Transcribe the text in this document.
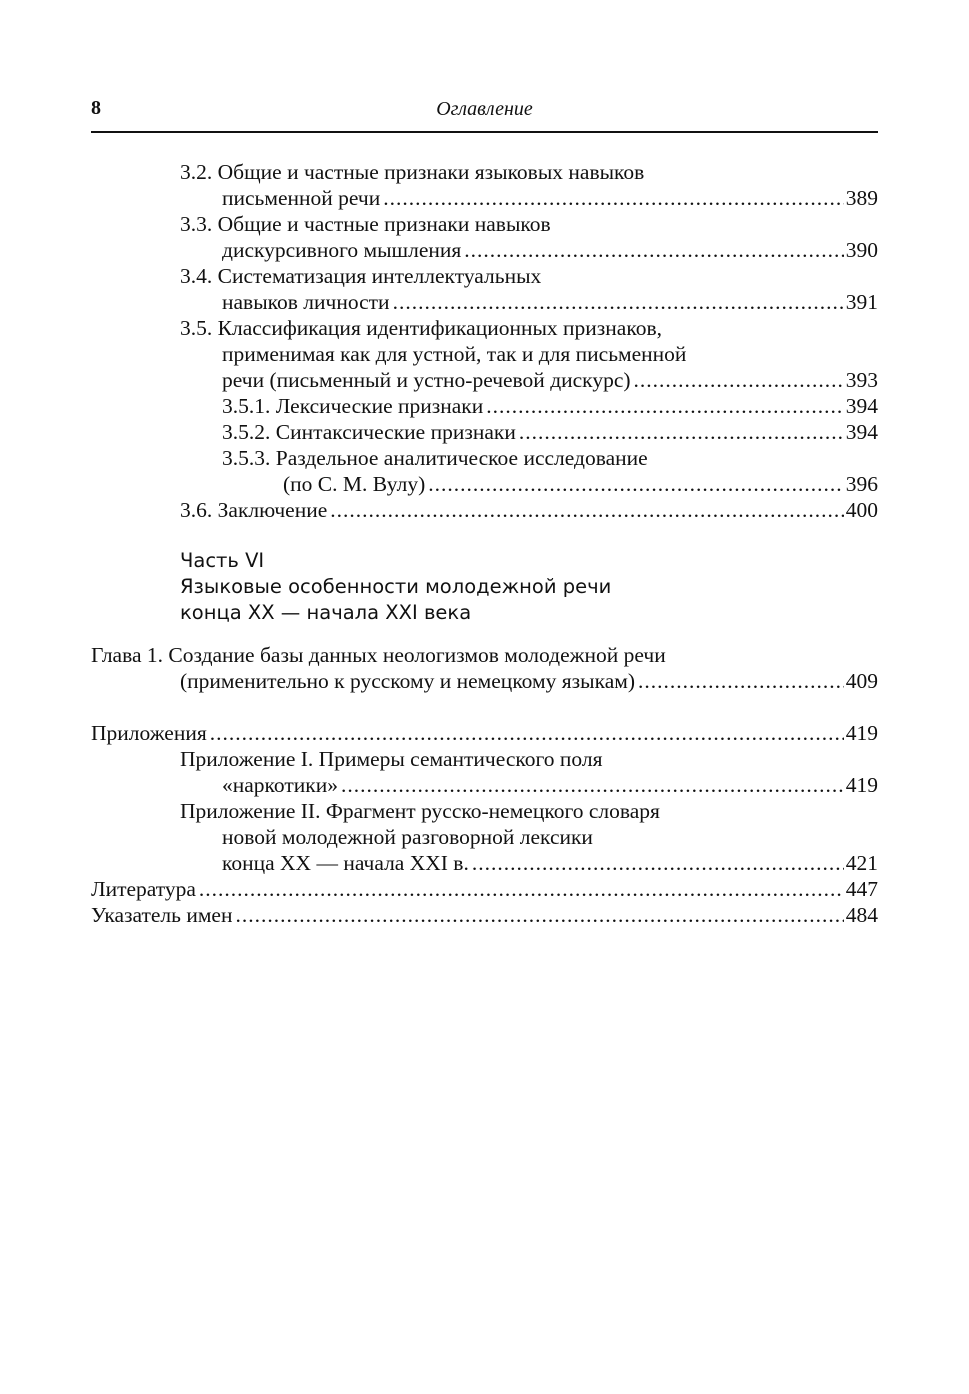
8	Оглавление
3.2. Общие и частные признаки языковых навыков
письменной речи .....	389
3.3. Общие и частные признаки навыков
дискурсивного мышления .....	390
3.4. Систематизация интеллектуальных
навыков личности .....	391
3.5. Классификация идентификационных признаков,
применимая как для устной, так и для письменной
речи (письменный и устно-речевой дискурс) .....	393
3.5.1. Лексические признаки .....	394
3.5.2. Синтаксические признаки .....	394
3.5.3. Раздельное аналитическое исследование
(по С. М. Вулу) .....	396
3.6. Заключение .....	400
Часть VI
Языковые особенности молодежной речи
конца XX — начала XXI века
Глава 1. Создание базы данных неологизмов молодежной речи
(применительно к русскому и немецкому языкам) .....	409
Приложения .....	419
Приложение I. Примеры семантического поля
«наркотики» .....	419
Приложение II. Фрагмент русско-немецкого словаря
новой молодежной разговорной лексики
конца XX — начала XXI в. .....	421
Литература .....	447
Указатель имен .....	484
